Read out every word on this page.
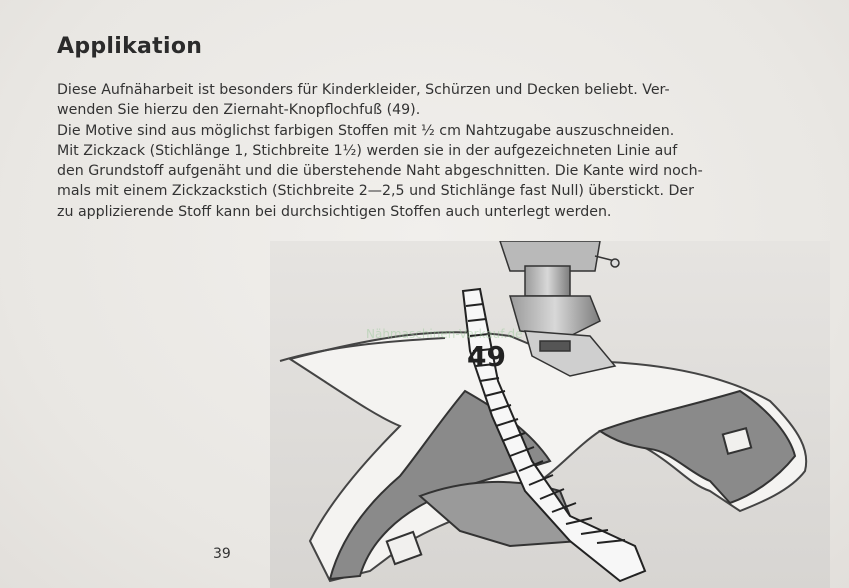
Applikation
Diese Aufnäharbeit ist besonders für Kinderkleider, Schürzen und Decken beliebt. Ver-
wenden Sie hierzu den Ziernaht-Knopflochfuß (49).
Die Motive sind aus möglichst farbigen Stoffen mit ½ cm Nahtzugabe auszuschneiden.
Mit Zickzack (Stichlänge 1, Stichbreite 1½) werden sie in der aufgezeichneten Linie auf
den Grundstoff aufgenäht und die überstehende Naht abgeschnitten. Die Kante wird noch-
mals mit einem Zickzackstich (Stichbreite 2—2,5 und Stichlänge fast Null) überstickt. Der
zu applizierende Stoff kann bei durchsichtigen Stoffen auch unterlegt werden.
Nähmaschinen-Verkauf.de
49
39
